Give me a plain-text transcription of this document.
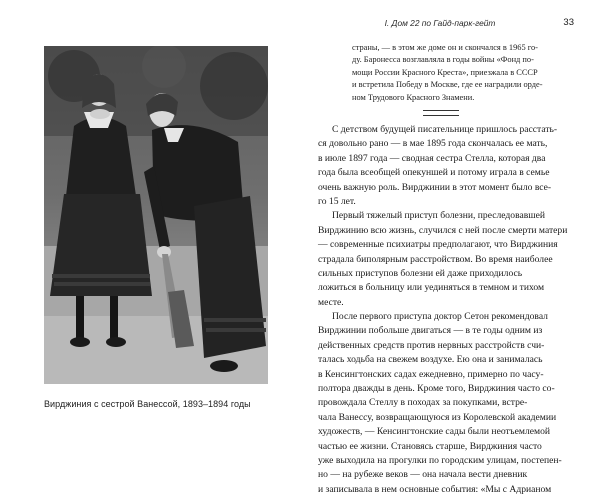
Вирджиния с сестрой Ванессой, 1893–1894 годы
I. Дом 22 по Гайд-парк-гейт	33
страны, — в этом же доме он и скончался в 1965 го-
ду. Баронесса возглавляла в годы войны «Фонд по-
мощи России Красного Креста», приезжала в СССР
и встретила Победу в Москве, где ее наградили орде-
ном Трудового Красного Знамени.
С детством будущей писательнице пришлось расстать-
ся довольно рано — в мае 1895 года скончалась ее мать,
в июле 1897 года — сводная сестра Стелла, которая два
года была всеобщей опекуншей и потому играла в семье
очень важную роль. Вирджинии в этот момент было все-
го 15 лет.
Первый тяжелый приступ болезни, преследовавшей
Вирджинию всю жизнь, случился с ней после смерти матери
— современные психиатры предполагают, что Вирджиния
страдала биполярным расстройством. Во время наиболее
сильных приступов болезни ей даже приходилось
ложиться в больницу или уединяться в темном и тихом
месте.
После первого приступа доктор Сетон рекомендовал
Вирджинии побольше двигаться — в те годы одним из
действенных средств против нервных расстройств счи-
талась ходьба на свежем воздухе. Ею она и занималась
в Кенсингтонских садах ежедневно, примерно по часу-
полтора дважды в день. Кроме того, Вирджиния часто со-
провождала Стеллу в походах за покупками, встре-
чала Ванессу, возвращающуюся из Королевской академии
художеств, — Кенсингтонские сады были неотъемлемой
частью ее жизни. Становясь старше, Вирджиния часто
уже выходила на прогулки по городским улицам, постепен-
но — на рубеже веков — она начала вести дневник
и записывала в нем основные события: «Мы с Адрианом
